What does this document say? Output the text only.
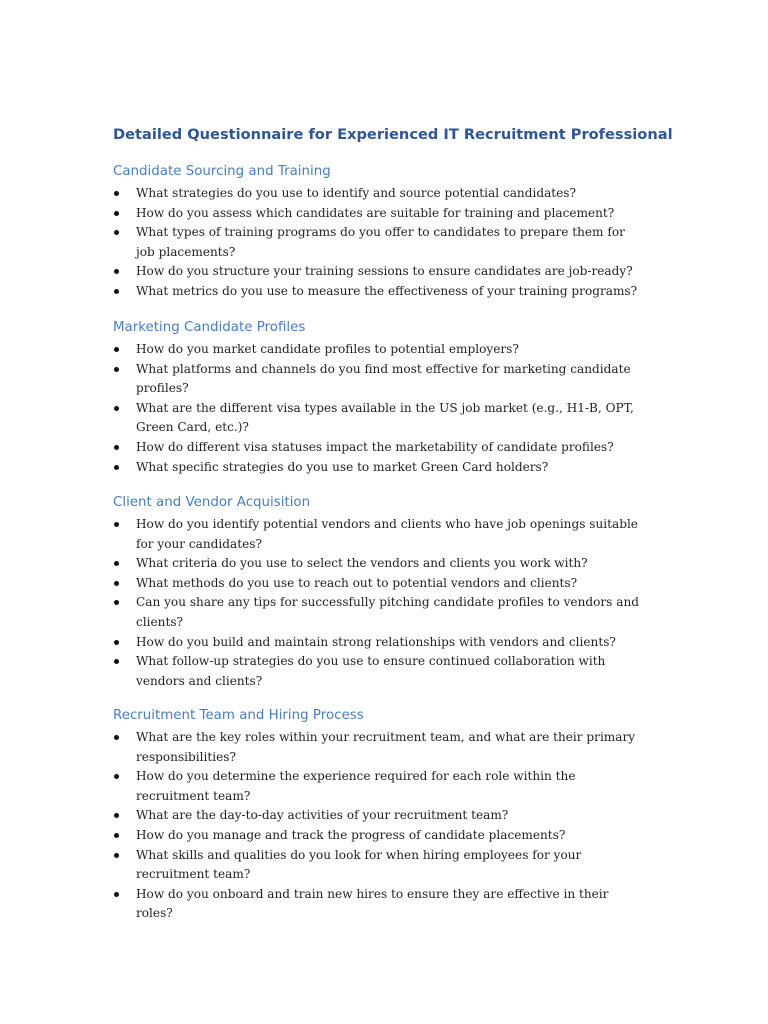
Detailed Questionnaire for Experienced IT Recruitment Professional
Candidate Sourcing and Training
What strategies do you use to identify and source potential candidates?
How do you assess which candidates are suitable for training and placement?
What types of training programs do you offer to candidates to prepare them for job placements?
How do you structure your training sessions to ensure candidates are job-ready?
What metrics do you use to measure the effectiveness of your training programs?
Marketing Candidate Profiles
How do you market candidate profiles to potential employers?
What platforms and channels do you find most effective for marketing candidate profiles?
What are the different visa types available in the US job market (e.g., H1-B, OPT, Green Card, etc.)?
How do different visa statuses impact the marketability of candidate profiles?
What specific strategies do you use to market Green Card holders?
Client and Vendor Acquisition
How do you identify potential vendors and clients who have job openings suitable for your candidates?
What criteria do you use to select the vendors and clients you work with?
What methods do you use to reach out to potential vendors and clients?
Can you share any tips for successfully pitching candidate profiles to vendors and clients?
How do you build and maintain strong relationships with vendors and clients?
What follow-up strategies do you use to ensure continued collaboration with vendors and clients?
Recruitment Team and Hiring Process
What are the key roles within your recruitment team, and what are their primary responsibilities?
How do you determine the experience required for each role within the recruitment team?
What are the day-to-day activities of your recruitment team?
How do you manage and track the progress of candidate placements?
What skills and qualities do you look for when hiring employees for your recruitment team?
How do you onboard and train new hires to ensure they are effective in their roles?
